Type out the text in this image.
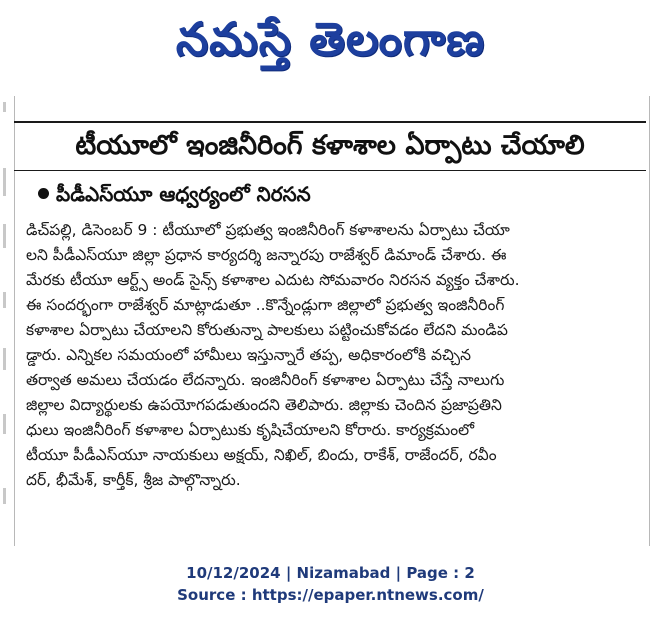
నమస్తే తెలంగాణ
టీయూలో ఇంజినీరింగ్ కళాశాల ఏర్పాటు చేయాలి
పీడీఎస్‌యూ ఆధ్వర్యంలో నిరసన
డిచ్‌పల్లి, డిసెంబర్ 9 : టీయూలో ప్రభుత్వ ఇంజినీరింగ్ కళాశాలను ఏర్పాటు చేయా
లని పీడీఎస్‌యూ జిల్లా ప్రధాన కార్యదర్శి జన్నారపు రాజేశ్వర్ డిమాండ్ చేశారు. ఈ
మేరకు టీయూ ఆర్ట్స్ అండ్ సైన్స్ కళాశాల ఎదుట సోమవారం నిరసన వ్యక్తం చేశారు.
ఈ సందర్భంగా రాజేశ్వర్ మాట్లాడుతూ ..కొన్నేండ్లుగా జిల్లాలో ప్రభుత్వ ఇంజినీరింగ్
కళాశాల ఏర్పాటు చేయాలని కోరుతున్నా పాలకులు పట్టించుకోవడం లేదని మండిప
డ్డారు. ఎన్నికల సమయంలో హామీలు ఇస్తున్నారే తప్ప, అధికారంలోకి వచ్చిన
తర్వాత అమలు చేయడం లేదన్నారు. ఇంజినీరింగ్ కళాశాల ఏర్పాటు చేస్తే నాలుగు
జిల్లాల విద్యార్థులకు ఉపయోగపడుతుందని తెలిపారు. జిల్లాకు చెందిన ప్రజాప్రతిని
ధులు ఇంజినీరింగ్ కళాశాల ఏర్పాటుకు కృషిచేయాలని కోరారు. కార్యక్రమంలో
టీయూ పీడీఎస్‌యూ నాయకులు అక్షయ్, నిఖిల్, బిందు, రాకేశ్, రాజేందర్, రవీం
దర్, భీమేశ్, కార్తీక్, శ్రీజ పాల్గొన్నారు.
10/12/2024 | Nizamabad | Page : 2
Source : https://epaper.ntnews.com/
